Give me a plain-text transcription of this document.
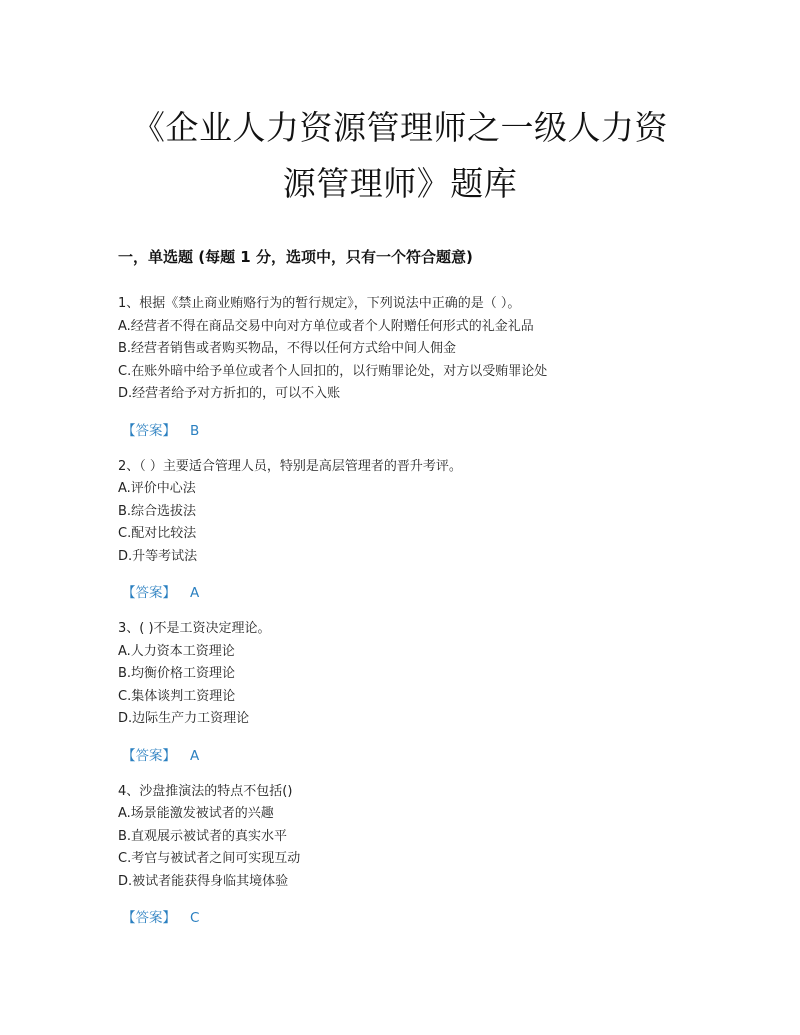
《企业人力资源管理师之一级人力资
源管理师》题库
一，单选题 (每题 1 分，选项中，只有一个符合题意)
1、根据《禁止商业贿赂行为的暂行规定》，下列说法中正确的是（ ）。
A.经营者不得在商品交易中向对方单位或者个人附赠任何形式的礼金礼品
B.经营者销售或者购买物品，不得以任何方式给中间人佣金
C.在账外暗中给予单位或者个人回扣的，以行贿罪论处，对方以受贿罪论处
D.经营者给予对方折扣的，可以不入账
【答案】 B
2、（ ）主要适合管理人员，特别是高层管理者的晋升考评。
A.评价中心法
B.综合选拔法
C.配对比较法
D.升等考试法
【答案】 A
3、( )不是工资决定理论。
A.人力资本工资理论
B.均衡价格工资理论
C.集体谈判工资理论
D.边际生产力工资理论
【答案】 A
4、沙盘推演法的特点不包括()
A.场景能激发被试者的兴趣
B.直观展示被试者的真实水平
C.考官与被试者之间可实现互动
D.被试者能获得身临其境体验
【答案】 C
